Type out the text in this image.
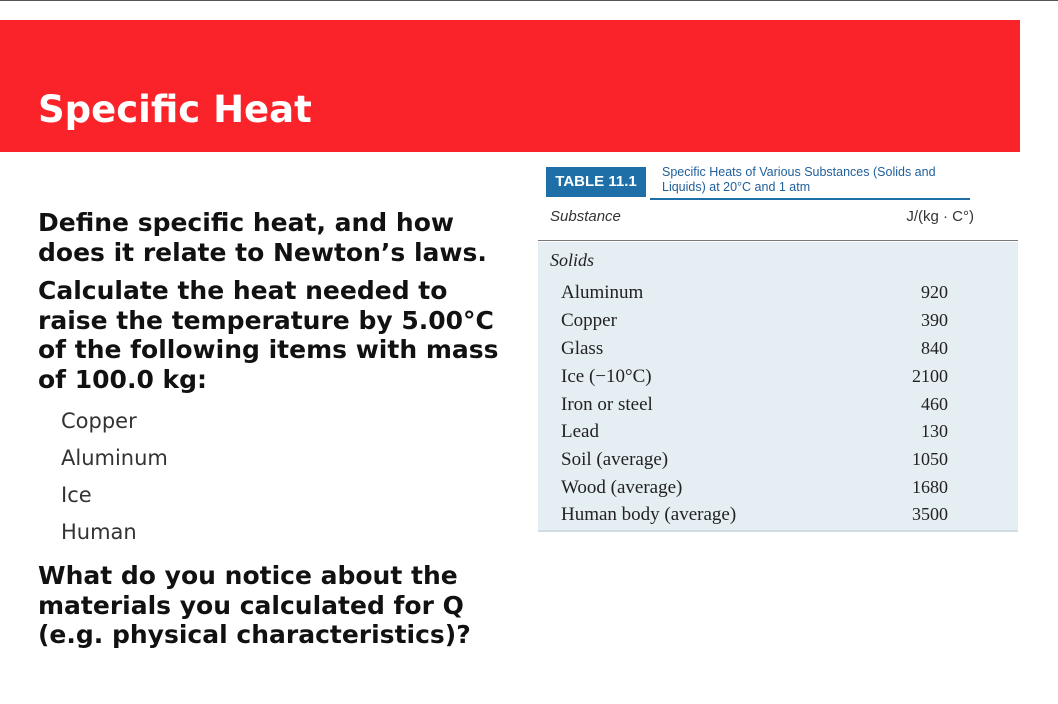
Specific Heat

Define specific heat, and how does it relate to Newton’s laws.

Calculate the heat needed to raise the temperature by 5.00°C of the following items with mass of 100.0 kg:

Copper
Aluminum
Ice
Human

What do you notice about the materials you calculated for Q (e.g. physical characteristics)?

TABLE 11.1
Specific Heats of Various Substances (Solids and Liquids) at 20°C and 1 atm
Substance	J/(kg · C°)
Solids
Aluminum	920
Copper	390
Glass	840
Ice (−10°C)	2100
Iron or steel	460
Lead	130
Soil (average)	1050
Wood (average)	1680
Human body (average)	3500
